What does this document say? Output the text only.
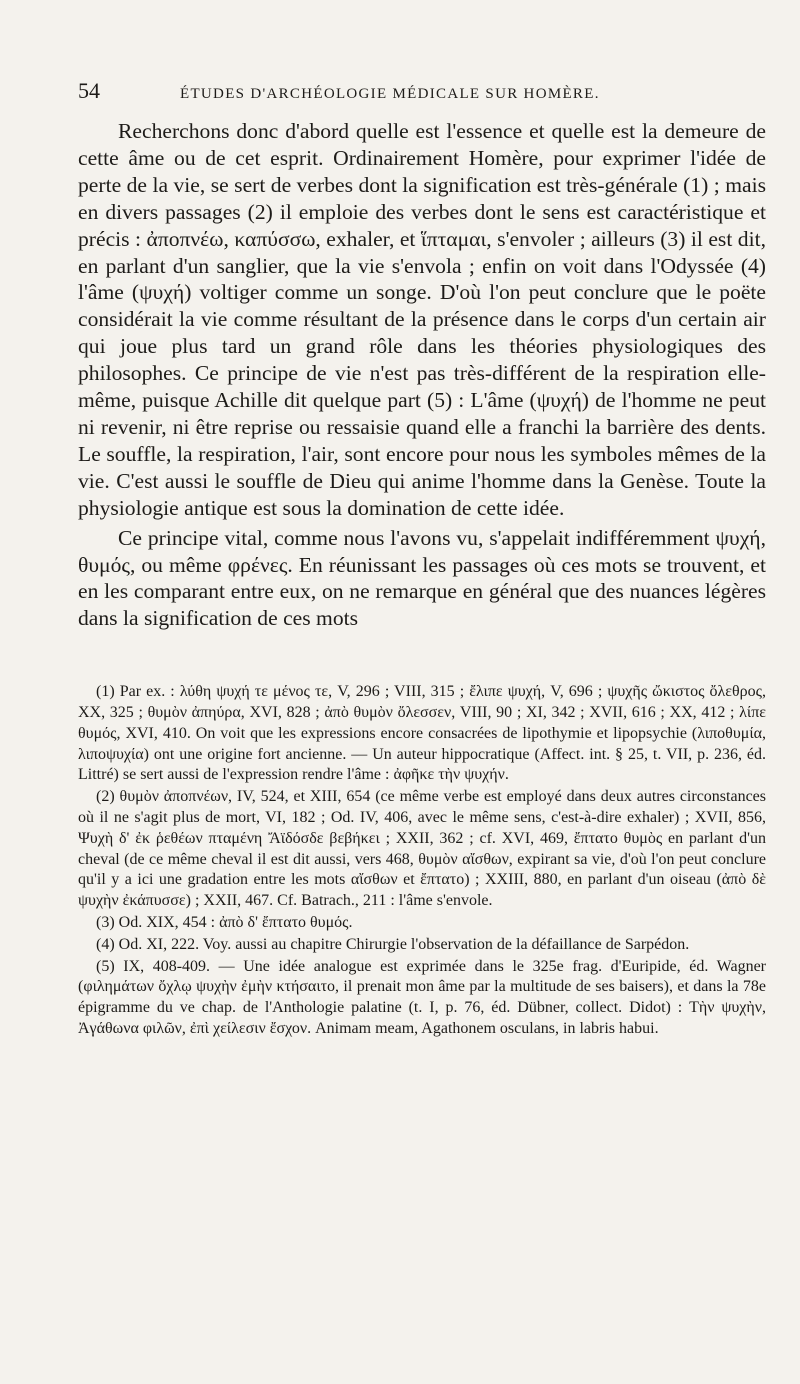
54	ÉTUDES D'ARCHÉOLOGIE MÉDICALE SUR HOMÈRE.

Recherchons donc d'abord quelle est l'essence et quelle est la demeure de cette âme ou de cet esprit. Ordinairement Homère, pour exprimer l'idée de perte de la vie, se sert de verbes dont la signification est très-générale (1) ; mais en divers passages (2) il emploie des verbes dont le sens est caractéristique et précis : ἀποπνέω, καπύσσω, exhaler, et ἵπταμαι, s'envoler ; ailleurs (3) il est dit, en parlant d'un sanglier, que la vie s'envola ; enfin on voit dans l'Odyssée (4) l'âme (ψυχή) voltiger comme un songe. D'où l'on peut conclure que le poëte considérait la vie comme résultant de la présence dans le corps d'un certain air qui joue plus tard un grand rôle dans les théories physiologiques des philosophes. Ce principe de vie n'est pas très-différent de la respiration elle-même, puisque Achille dit quelque part (5) : L'âme (ψυχή) de l'homme ne peut ni revenir, ni être reprise ou ressaisie quand elle a franchi la barrière des dents. Le souffle, la respiration, l'air, sont encore pour nous les symboles mêmes de la vie. C'est aussi le souffle de Dieu qui anime l'homme dans la Genèse. Toute la physiologie antique est sous la domination de cette idée.

Ce principe vital, comme nous l'avons vu, s'appelait indifféremment ψυχή, θυμός, ou même φρένες. En réunissant les passages où ces mots se trouvent, et en les comparant entre eux, on ne remarque en général que des nuances légères dans la signification de ces mots

(1) Par ex. : λύθη ψυχή τε μένος τε, V, 296 ; VIII, 315 ; ἔλιπε ψυχή, V, 696 ; ψυχῆς ὤκιστος ὄλεθρος, XX, 325 ; θυμὸν ἀπηύρα, XVI, 828 ; ἀπὸ θυμὸν ὄλεσσεν, VIII, 90 ; XI, 342 ; XVII, 616 ; XX, 412 ; λίπε θυμός, XVI, 410. On voit que les expressions encore consacrées de lipothymie et lipopsychie (λιποθυμία, λιποψυχία) ont une origine fort ancienne. — Un auteur hippocratique (Affect. int. § 25, t. VII, p. 236, éd. Littré) se sert aussi de l'expression rendre l'âme : ἀφῆκε τὴν ψυχήν.

(2) θυμὸν ἀποπνέων, IV, 524, et XIII, 654 (ce même verbe est employé dans deux autres circonstances où il ne s'agit plus de mort, VI, 182 ; Od. IV, 406, avec le même sens, c'est-à-dire exhaler) ; XVII, 856, Ψυχὴ δ' ἐκ ῥεθέων πταμένη Ἄϊδόσδε βεβήκει ; XXII, 362 ; cf. XVI, 469, ἔπτατο θυμὸς en parlant d'un cheval (de ce même cheval il est dit aussi, vers 468, θυμὸν αἴσθων, expirant sa vie, d'où l'on peut conclure qu'il y a ici une gradation entre les mots αἴσθων et ἔπτατο) ; XXIII, 880, en parlant d'un oiseau (ἀπὸ δὲ ψυχὴν ἐκάπυσσε) ; XXII, 467. Cf. Batrach., 211 : l'âme s'envole.

(3) Od. XIX, 454 : ἀπὸ δ' ἔπτατο θυμός.

(4) Od. XI, 222. Voy. aussi au chapitre Chirurgie l'observation de la défaillance de Sarpédon.

(5) IX, 408-409. — Une idée analogue est exprimée dans le 325e frag. d'Euripide, éd. Wagner (φιλημάτων ὄχλῳ ψυχὴν ἐμὴν κτήσαιτο, il prenait mon âme par la multitude de ses baisers), et dans la 78e épigramme du ve chap. de l'Anthologie palatine (t. I, p. 76, éd. Dübner, collect. Didot) : Τὴν ψυχὴν, Ἀγάθωνα φιλῶν, ἐπὶ χείλεσιν ἔσχον. Animam meam, Agathonem osculans, in labris habui.
